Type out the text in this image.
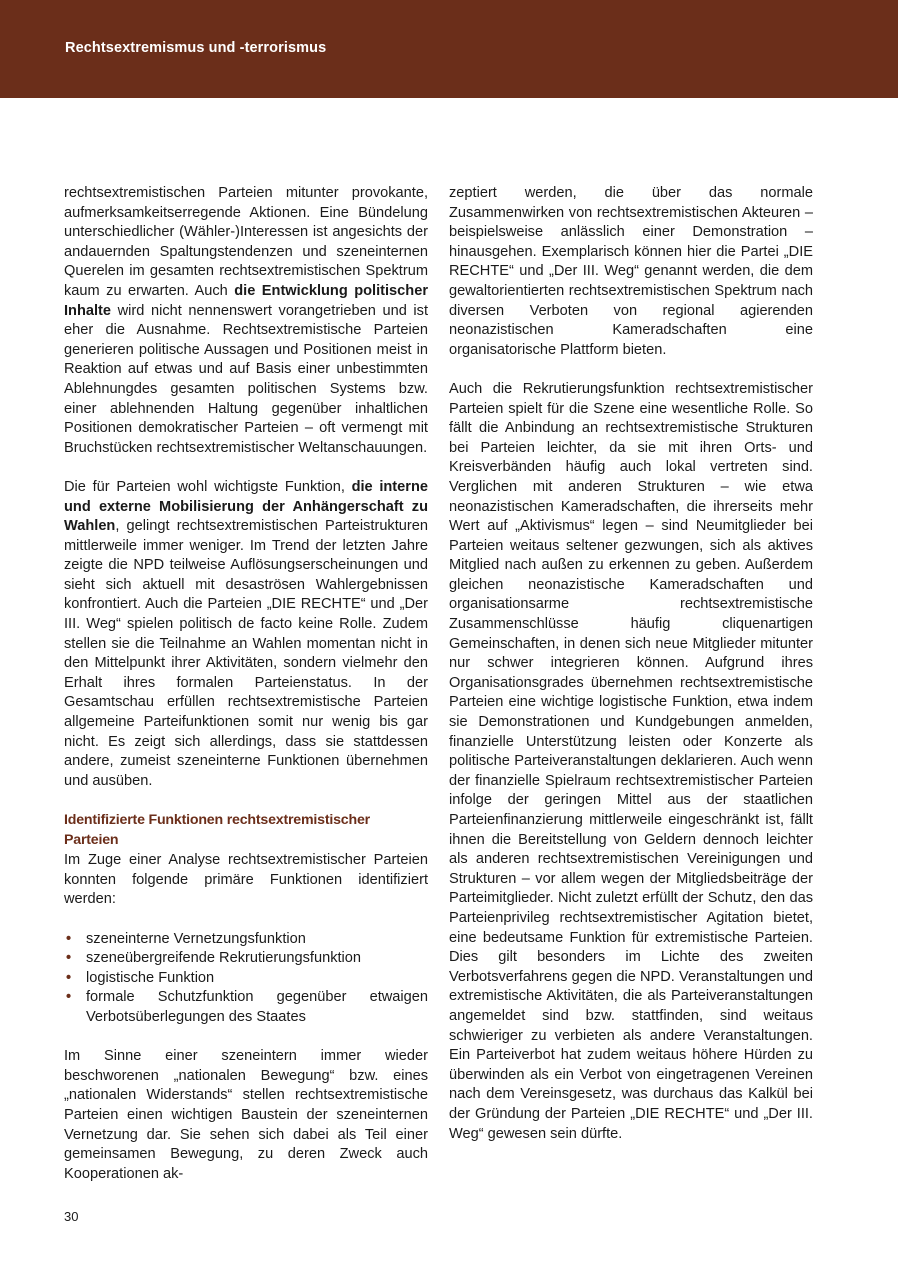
Rechtsextremismus und -terrorismus

rechtsextremistischen Parteien mitunter provokante, aufmerksamkeitserregende Aktionen. Eine Bündelung unterschiedlicher (Wähler-)Interessen ist angesichts der andauernden Spaltungstendenzen und szeneinternen Querelen im gesamten rechtsextremistischen Spektrum kaum zu erwarten. Auch die Entwicklung politischer Inhalte wird nicht nennenswert vorangetrieben und ist eher die Ausnahme. Rechtsextremistische Parteien generieren politische Aussagen und Positionen meist in Reaktion auf etwas und auf Basis einer unbestimmten Ablehnungdes gesamten politischen Systems bzw. einer ablehnenden Haltung gegenüber inhaltlichen Positionen demokratischer Parteien – oft vermengt mit Bruchstücken rechtsextremistischer Weltanschauungen.

Die für Parteien wohl wichtigste Funktion, die interne und externe Mobilisierung der Anhängerschaft zu Wahlen, gelingt rechtsextremistischen Parteistrukturen mittlerweile immer weniger. Im Trend der letzten Jahre zeigte die NPD teilweise Auflösungserscheinungen und sieht sich aktuell mit desaströsen Wahlergebnissen konfrontiert. Auch die Parteien „DIE RECHTE“ und „Der III. Weg“ spielen politisch de facto keine Rolle. Zudem stellen sie die Teilnahme an Wahlen momentan nicht in den Mittelpunkt ihrer Aktivitäten, sondern vielmehr den Erhalt ihres formalen Parteienstatus. In der Gesamtschau erfüllen rechtsextremistische Parteien allgemeine Parteifunktionen somit nur wenig bis gar nicht. Es zeigt sich allerdings, dass sie stattdessen andere, zumeist szeneinterne Funktionen übernehmen und ausüben.

Identifizierte Funktionen rechtsextremistischer Parteien

Im Zuge einer Analyse rechtsextremistischer Parteien konnten folgende primäre Funktionen identifiziert werden:

• szeneinterne Vernetzungsfunktion
• szeneübergreifende Rekrutierungsfunktion
• logistische Funktion
• formale Schutzfunktion gegenüber etwaigen Verbotsüberlegungen des Staates

Im Sinne einer szeneintern immer wieder beschworenen „nationalen Bewegung“ bzw. eines „nationalen Widerstands“ stellen rechtsextremistische Parteien einen wichtigen Baustein der szeneinternen Vernetzung dar. Sie sehen sich dabei als Teil einer gemeinsamen Bewegung, zu deren Zweck auch Kooperationen ak-

zeptiert werden, die über das normale Zusammenwirken von rechtsextremistischen Akteuren – beispielsweise anlässlich einer Demonstration – hinausgehen. Exemplarisch können hier die Partei „DIE RECHTE“ und „Der III. Weg“ genannt werden, die dem gewaltorientierten rechtsextremistischen Spektrum nach diversen Verboten von regional agierenden neonazistischen Kameradschaften eine organisatorische Plattform bieten.

Auch die Rekrutierungsfunktion rechtsextremistischer Parteien spielt für die Szene eine wesentliche Rolle. So fällt die Anbindung an rechtsextremistische Strukturen bei Parteien leichter, da sie mit ihren Orts- und Kreisverbänden häufig auch lokal vertreten sind. Verglichen mit anderen Strukturen – wie etwa neonazistischen Kameradschaften, die ihrerseits mehr Wert auf „Aktivismus“ legen – sind Neumitglieder bei Parteien weitaus seltener gezwungen, sich als aktives Mitglied nach außen zu erkennen zu geben. Außerdem gleichen neonazistische Kameradschaften und organisationsarme rechtsextremistische Zusammenschlüsse häufig cliquenartigen Gemeinschaften, in denen sich neue Mitglieder mitunter nur schwer integrieren können. Aufgrund ihres Organisationsgrades übernehmen rechtsextremistische Parteien eine wichtige logistische Funktion, etwa indem sie Demonstrationen und Kundgebungen anmelden, finanzielle Unterstützung leisten oder Konzerte als politische Parteiveranstaltungen deklarieren. Auch wenn der finanzielle Spielraum rechtsextremistischer Parteien infolge der geringen Mittel aus der staatlichen Parteienfinanzierung mittlerweile eingeschränkt ist, fällt ihnen die Bereitstellung von Geldern dennoch leichter als anderen rechtsextremistischen Vereinigungen und Strukturen – vor allem wegen der Mitgliedsbeiträge der Parteimitglieder. Nicht zuletzt erfüllt der Schutz, den das Parteienprivileg rechtsextremistischer Agitation bietet, eine bedeutsame Funktion für extremistische Parteien. Dies gilt besonders im Lichte des zweiten Verbotsverfahrens gegen die NPD. Veranstaltungen und extremistische Aktivitäten, die als Parteiveranstaltungen angemeldet sind bzw. stattfinden, sind weitaus schwieriger zu verbieten als andere Veranstaltungen. Ein Parteiverbot hat zudem weitaus höhere Hürden zu überwinden als ein Verbot von eingetragenen Vereinen nach dem Vereinsgesetz, was durchaus das Kalkül bei der Gründung der Parteien „DIE RECHTE“ und „Der III. Weg“ gewesen sein dürfte.

30
